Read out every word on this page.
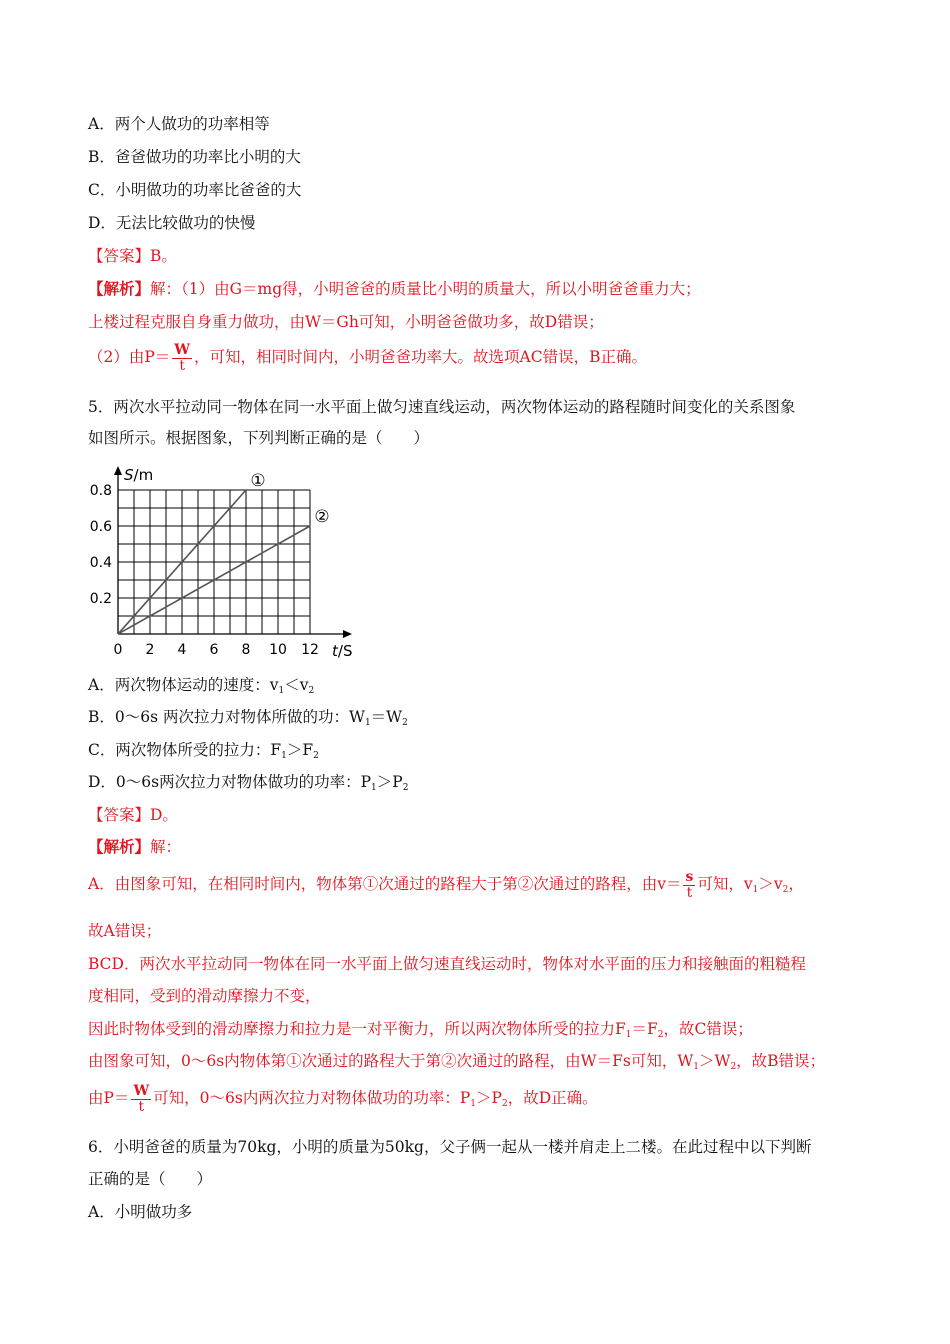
A．两个人做功的功率相等
B．爸爸做功的功率比小明的大
C．小明做功的功率比爸爸的大
D．无法比较做功的快慢
【答案】B。
【解析】解：（1）由G＝mg得，小明爸爸的质量比小明的质量大，所以小明爸爸重力大；
上楼过程克服自身重力做功，由W＝Gh可知，小明爸爸做功多，故D错误；
（2）由$P= \frac{W}{t}$ ，可知，相同时间内，小明爸爸功率大。故选项AC错误，B正确。
5．两次水平拉动同一物体在同一水平面上做匀速直线运动，两次物体运动的路程随时间变化的关系图象
如图所示。根据图象，下列判断正确的是（　　）
0 2 4 6 8 10 12
0.2
0.4
0.6
0.8
S/m
t/S
①
②
A．两次物体运动的速度：$v_1<v_2$
B．0～6s 两次拉力对物体所做的功：$W_1=W_2$
C．两次物体所受的拉力：$F_1>F_2$
D．0～6s两次拉力对物体做功的功率：$P_1>P_2$
【答案】D。
【解析】解：
A．由图象可知，在相同时间内，物体第①次通过的路程大于第②次通过的路程，由$v= \frac{s}{t}$ 可知，$v_1>v_2$，
故A错误；
BCD．两次水平拉动同一物体在同一水平面上做匀速直线运动时，物体对水平面的压力和接触面的粗糙程
度相同，受到的滑动摩擦力不变，
因此时物体受到的滑动摩擦力和拉力是一对平衡力，所以两次物体所受的拉力$F_1=F_2$，故C错误；
由图象可知，0～6s内物体第①次通过的路程大于第②次通过的路程，由W＝Fs可知，$W_1>W_2$，故B错误；
由$P= \frac{W}{t}$ 可知，0～6s内两次拉力对物体做功的功率：$P_1>P_2$，故D正确。
6．小明爸爸的质量为70kg，小明的质量为50kg，父子俩一起从一楼并肩走上二楼。在此过程中以下判断
正确的是（　　）
A．小明做功多
